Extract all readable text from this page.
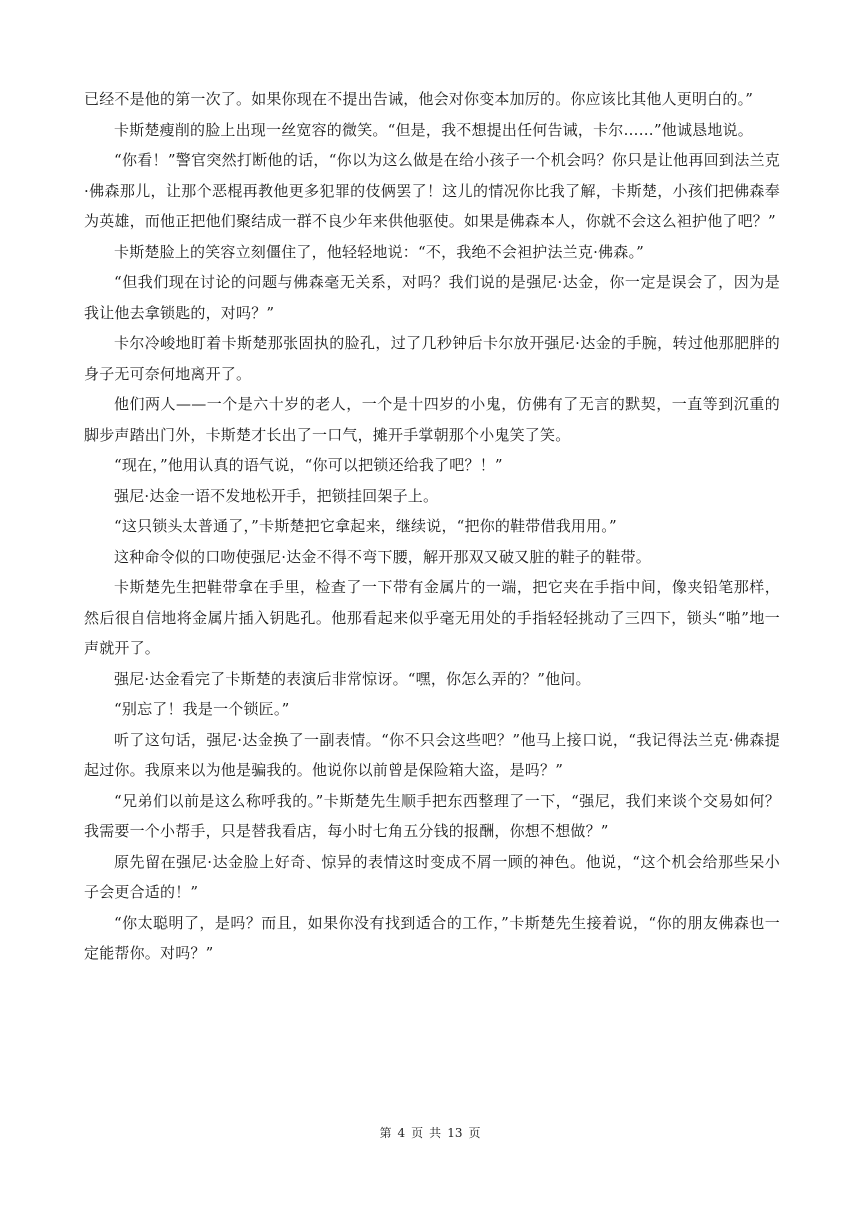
已经不是他的第一次了。如果你现在不提出告诫，他会对你变本加厉的。你应该比其他人更明白的。”

卡斯楚瘦削的脸上出现一丝宽容的微笑。“但是，我不想提出任何告诫，卡尔……”他诚恳地说。

“你看！”警官突然打断他的话，“你以为这么做是在给小孩子一个机会吗？你只是让他再回到法兰克·佛森那儿，让那个恶棍再教他更多犯罪的伎俩罢了！这儿的情况你比我了解，卡斯楚，小孩们把佛森奉为英雄，而他正把他们聚结成一群不良少年来供他驱使。如果是佛森本人，你就不会这么袒护他了吧？”

卡斯楚脸上的笑容立刻僵住了，他轻轻地说：“不，我绝不会袒护法兰克·佛森。”

“但我们现在讨论的问题与佛森毫无关系，对吗？我们说的是强尼·达金，你一定是误会了，因为是我让他去拿锁匙的，对吗？”

卡尔冷峻地盯着卡斯楚那张固执的脸孔，过了几秒钟后卡尔放开强尼·达金的手腕，转过他那肥胖的身子无可奈何地离开了。

他们两人——一个是六十岁的老人，一个是十四岁的小鬼，仿佛有了无言的默契，一直等到沉重的脚步声踏出门外，卡斯楚才长出了一口气，摊开手掌朝那个小鬼笑了笑。

“现在，”他用认真的语气说，“你可以把锁还给我了吧？！”

强尼·达金一语不发地松开手，把锁挂回架子上。

“这只锁头太普通了，”卡斯楚把它拿起来，继续说，“把你的鞋带借我用用。”

这种命令似的口吻使强尼·达金不得不弯下腰，解开那双又破又脏的鞋子的鞋带。

卡斯楚先生把鞋带拿在手里，检查了一下带有金属片的一端，把它夹在手指中间，像夹铅笔那样，然后很自信地将金属片插入钥匙孔。他那看起来似乎毫无用处的手指轻轻挑动了三四下，锁头“啪”地一声就开了。

强尼·达金看完了卡斯楚的表演后非常惊讶。“嘿，你怎么弄的？”他问。

“别忘了！我是一个锁匠。”

听了这句话，强尼·达金换了一副表情。“你不只会这些吧？”他马上接口说，“我记得法兰克·佛森提起过你。我原来以为他是骗我的。他说你以前曾是保险箱大盗，是吗？”

“兄弟们以前是这么称呼我的。”卡斯楚先生顺手把东西整理了一下，“强尼，我们来谈个交易如何？我需要一个小帮手，只是替我看店，每小时七角五分钱的报酬，你想不想做？”

原先留在强尼·达金脸上好奇、惊异的表情这时变成不屑一顾的神色。他说，“这个机会给那些呆小子会更合适的！”

“你太聪明了，是吗？而且，如果你没有找到适合的工作，”卡斯楚先生接着说，“你的朋友佛森也一定能帮你。对吗？”

第 4 页 共 13 页
